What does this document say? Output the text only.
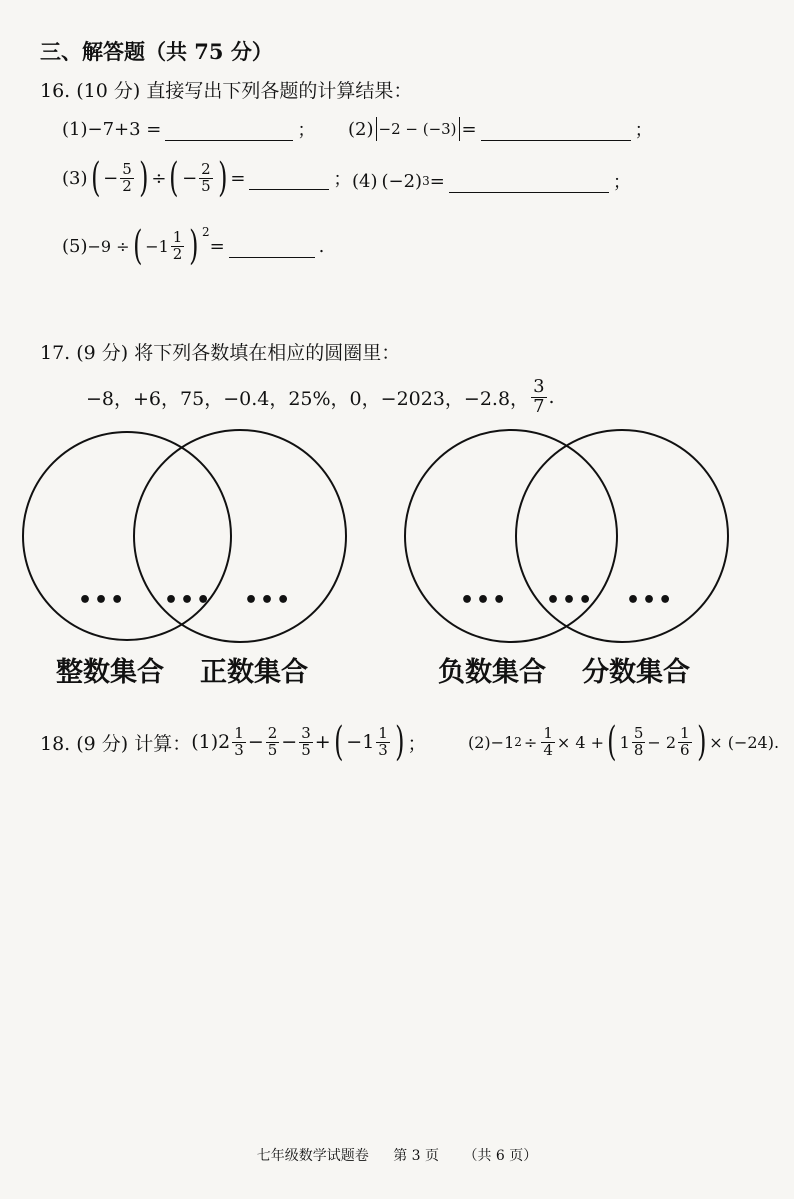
三、解答题（共 75 分）
16. (10 分) 直接写出下列各题的计算结果：
(1) −7+3 =	； (2) −2 − (−3) =	；
(3) ( − $\frac{5}{2}$ ) ÷ ( − $\frac{2}{5}$ ) =	； (4) (−2) 3 =	；
(5) −9 ÷ ( $-1 \frac{1}{2}$ ) 2
=	.
17. (9 分) 将下列各数填在相应的圆圈里：
−8，+6，75，−0.4，25%，0，−2023，−2.8， $\frac{3}{7}$ .
••• ••• •••	••• ••• •••
整数集合 正数集合	负数集合 分数集合
18. (9 分) 计算： (1) $2 \frac{1}{3} - \frac{2}{5} - \frac{3}{5}$ + ( $-1 \frac{1}{3}$ ) ；	(2) −1 $2 \div \frac{1}{4} \times 4$ + ( $1 \frac{5}{8} - 2 \frac{1}{6}$ ) × (−24) .
七年级数学试题卷 第 3 页 （共 6 页）
